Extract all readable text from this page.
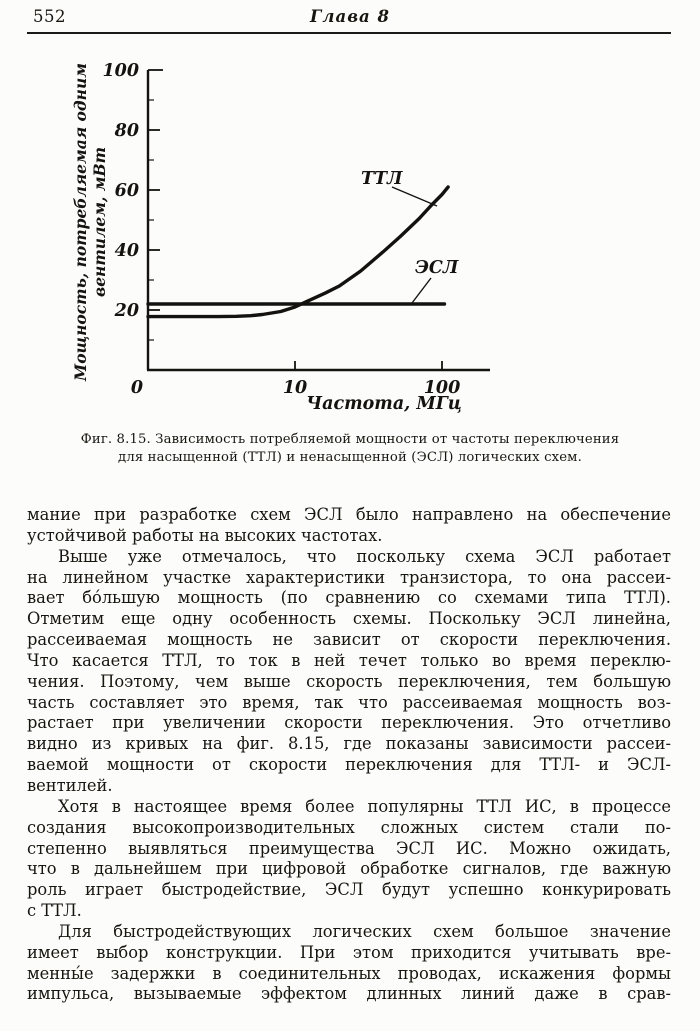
552	Глава 8
20
40
60
80
100
0	10	100
ТТЛ
ЭСЛ
Частота, МГц
Мощность, потребляемая однимвентилем, мВт
Фиг. 8.15. Зависимость потребляемой мощности от частоты переключения
для насыщенной (ТТЛ) и ненасыщенной (ЭСЛ) логических схем.
мание при разработке схем ЭСЛ было направлено на обеспечение
устойчивой работы на высоких частотах.
Выше уже отмечалось, что поскольку схема ЭСЛ работает
на линейном участке характеристики транзистора, то она рассеи-
вает бо́льшую мощность (по сравнению со схемами типа ТТЛ).
Отметим еще одну особенность схемы. Поскольку ЭСЛ линейна,
рассеиваемая мощность не зависит от скорости переключения.
Что касается ТТЛ, то ток в ней течет только во время переклю-
чения. Поэтому, чем выше скорость переключения, тем большую
часть составляет это время, так что рассеиваемая мощность воз-
растает при увеличении скорости переключения. Это отчетливо
видно из кривых на фиг. 8.15, где показаны зависимости рассеи-
ваемой мощности от скорости переключения для ТТЛ- и ЭСЛ-
вентилей.
Хотя в настоящее время более популярны ТТЛ ИС, в процессе
создания высокопроизводительных сложных систем стали по-
степенно выявляться преимущества ЭСЛ ИС. Можно ожидать,
что в дальнейшем при цифровой обработке сигналов, где важную
роль играет быстродействие, ЭСЛ будут успешно конкурировать
с ТТЛ.
Для быстродействующих логических схем большое значение
имеет выбор конструкции. При этом приходится учитывать вре-
менны́е задержки в соединительных проводах, искажения формы
импульса, вызываемые эффектом длинных линий даже в срав-
